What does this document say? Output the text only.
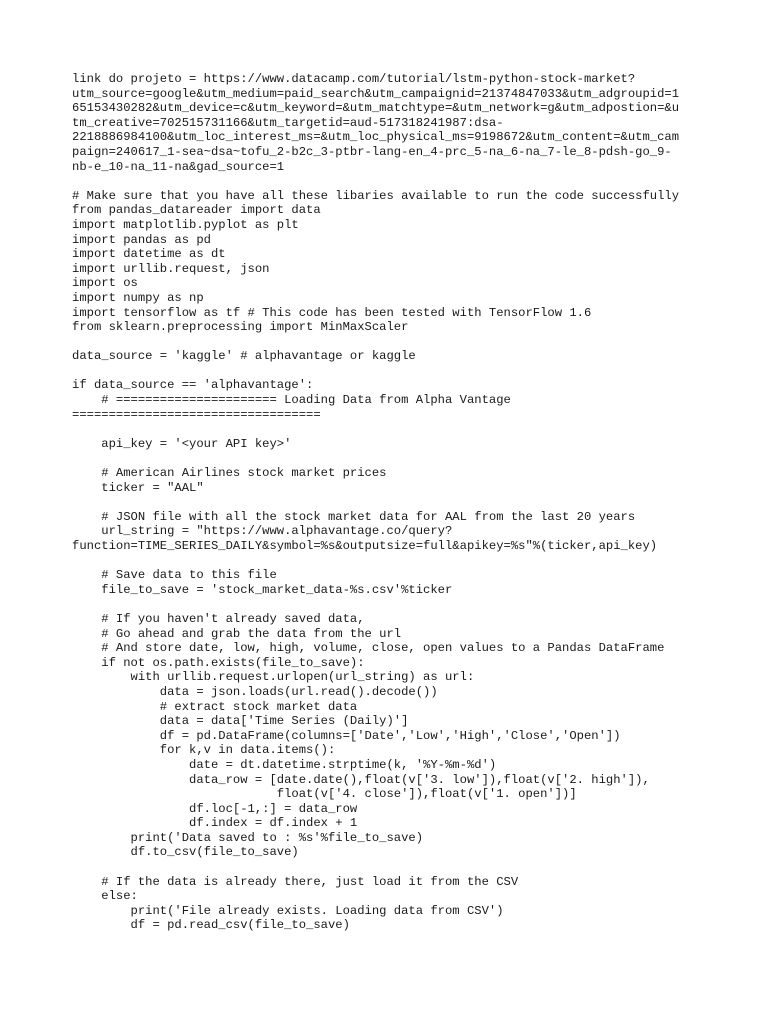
link do projeto = https://www.datacamp.com/tutorial/lstm-python-stock-market?
utm_source=google&utm_medium=paid_search&utm_campaignid=21374847033&utm_adgroupid=1
65153430282&utm_device=c&utm_keyword=&utm_matchtype=&utm_network=g&utm_adpostion=&u
tm_creative=702515731166&utm_targetid=aud-517318241987:dsa-
2218886984100&utm_loc_interest_ms=&utm_loc_physical_ms=9198672&utm_content=&utm_cam
paign=240617_1-sea~dsa~tofu_2-b2c_3-ptbr-lang-en_4-prc_5-na_6-na_7-le_8-pdsh-go_9-
nb-e_10-na_11-na&gad_source=1
# Make sure that you have all these libaries available to run the code successfully
from pandas_datareader import data
import matplotlib.pyplot as plt
import pandas as pd
import datetime as dt
import urllib.request, json
import os
import numpy as np
import tensorflow as tf # This code has been tested with TensorFlow 1.6
from sklearn.preprocessing import MinMaxScaler
data_source = 'kaggle' # alphavantage or kaggle
if data_source == 'alphavantage':
# ====================== Loading Data from Alpha Vantage
==================================
api_key = '<your API key>'
# American Airlines stock market prices
ticker = "AAL"
# JSON file with all the stock market data for AAL from the last 20 years
url_string = "https://www.alphavantage.co/query?
function=TIME_SERIES_DAILY&symbol=%s&outputsize=full&apikey=%s"%(ticker,api_key)
# Save data to this file
file_to_save = 'stock_market_data-%s.csv'%ticker
# If you haven't already saved data,
# Go ahead and grab the data from the url
# And store date, low, high, volume, close, open values to a Pandas DataFrame
if not os.path.exists(file_to_save):
with urllib.request.urlopen(url_string) as url:
data = json.loads(url.read().decode())
# extract stock market data
data = data['Time Series (Daily)']
df = pd.DataFrame(columns=['Date','Low','High','Close','Open'])
for k,v in data.items():
date = dt.datetime.strptime(k, '%Y-%m-%d')
data_row = [date.date(),float(v['3. low']),float(v['2. high']),
float(v['4. close']),float(v['1. open'])]
df.loc[-1,:] = data_row
df.index = df.index + 1
print('Data saved to : %s'%file_to_save)
df.to_csv(file_to_save)
# If the data is already there, just load it from the CSV
else:
print('File already exists. Loading data from CSV')
df = pd.read_csv(file_to_save)
